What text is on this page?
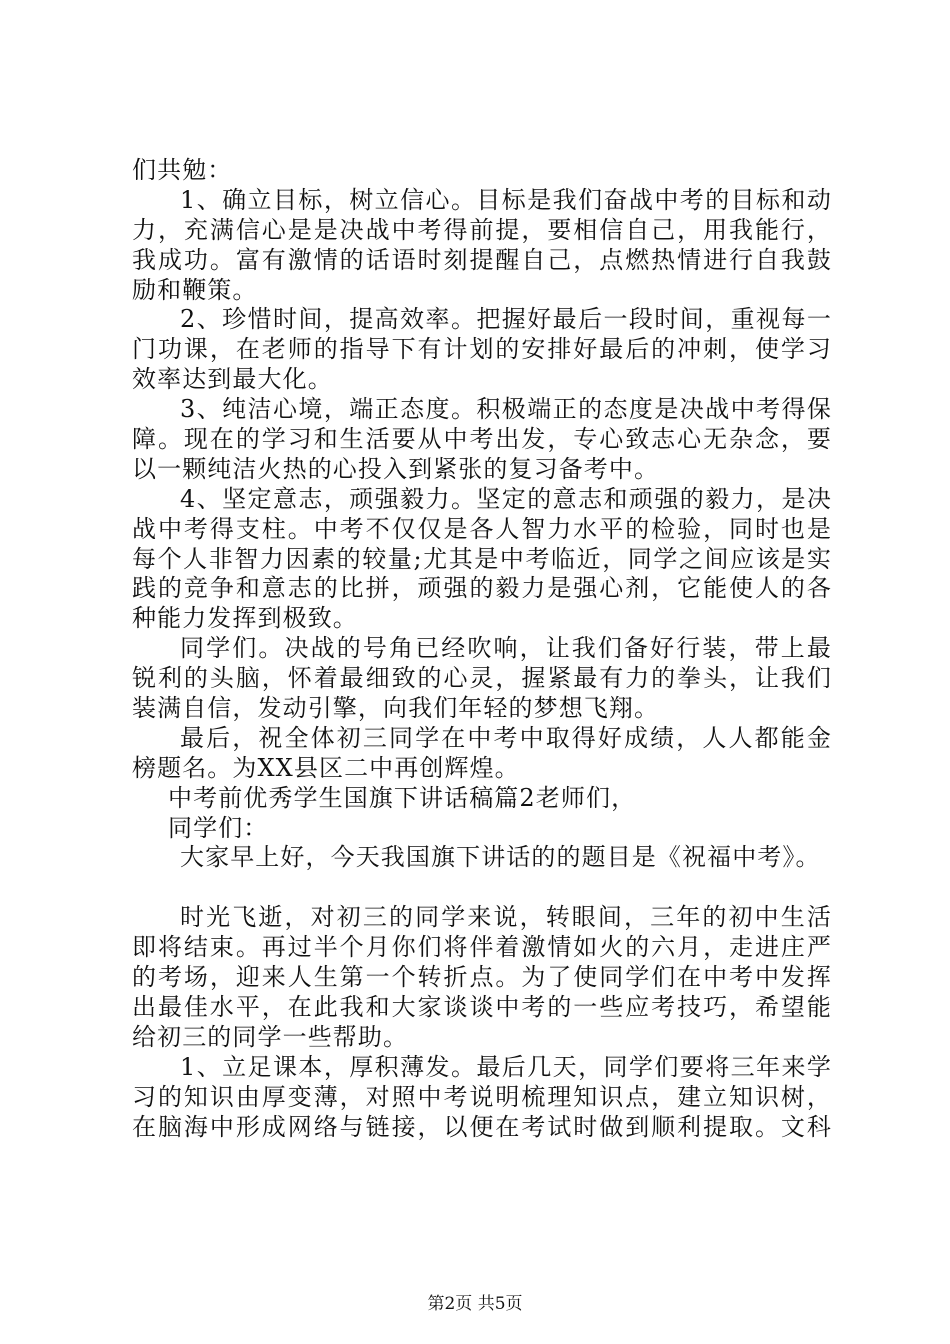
们共勉：
1、确立目标，树立信心。目标是我们奋战中考的目标和动
力，充满信心是是决战中考得前提，要相信自己，用我能行，
我成功。富有激情的话语时刻提醒自己，点燃热情进行自我鼓
励和鞭策。
2、珍惜时间，提高效率。把握好最后一段时间，重视每一
门功课，在老师的指导下有计划的安排好最后的冲刺，使学习
效率达到最大化。
3、纯洁心境，端正态度。积极端正的态度是决战中考得保
障。现在的学习和生活要从中考出发，专心致志心无杂念，要
以一颗纯洁火热的心投入到紧张的复习备考中。
4、坚定意志，顽强毅力。坚定的意志和顽强的毅力，是决
战中考得支柱。中考不仅仅是各人智力水平的检验，同时也是
每个人非智力因素的较量;尤其是中考临近，同学之间应该是实
践的竞争和意志的比拼，顽强的毅力是强心剂，它能使人的各
种能力发挥到极致。
同学们。决战的号角已经吹响，让我们备好行装，带上最
锐利的头脑，怀着最细致的心灵，握紧最有力的拳头，让我们
装满自信，发动引擎，向我们年轻的梦想飞翔。
最后，祝全体初三同学在中考中取得好成绩，人人都能金
榜题名。为XX县区二中再创辉煌。
中考前优秀学生国旗下讲话稿篇2老师们，
同学们：
大家早上好，今天我国旗下讲话的的题目是《祝福中考》。
时光飞逝，对初三的同学来说，转眼间，三年的初中生活
即将结束。再过半个月你们将伴着激情如火的六月，走进庄严
的考场，迎来人生第一个转折点。为了使同学们在中考中发挥
出最佳水平，在此我和大家谈谈中考的一些应考技巧，希望能
给初三的同学一些帮助。
1、立足课本，厚积薄发。最后几天，同学们要将三年来学
习的知识由厚变薄，对照中考说明梳理知识点，建立知识树，
在脑海中形成网络与链接，以便在考试时做到顺利提取。文科
第2页 共5页
